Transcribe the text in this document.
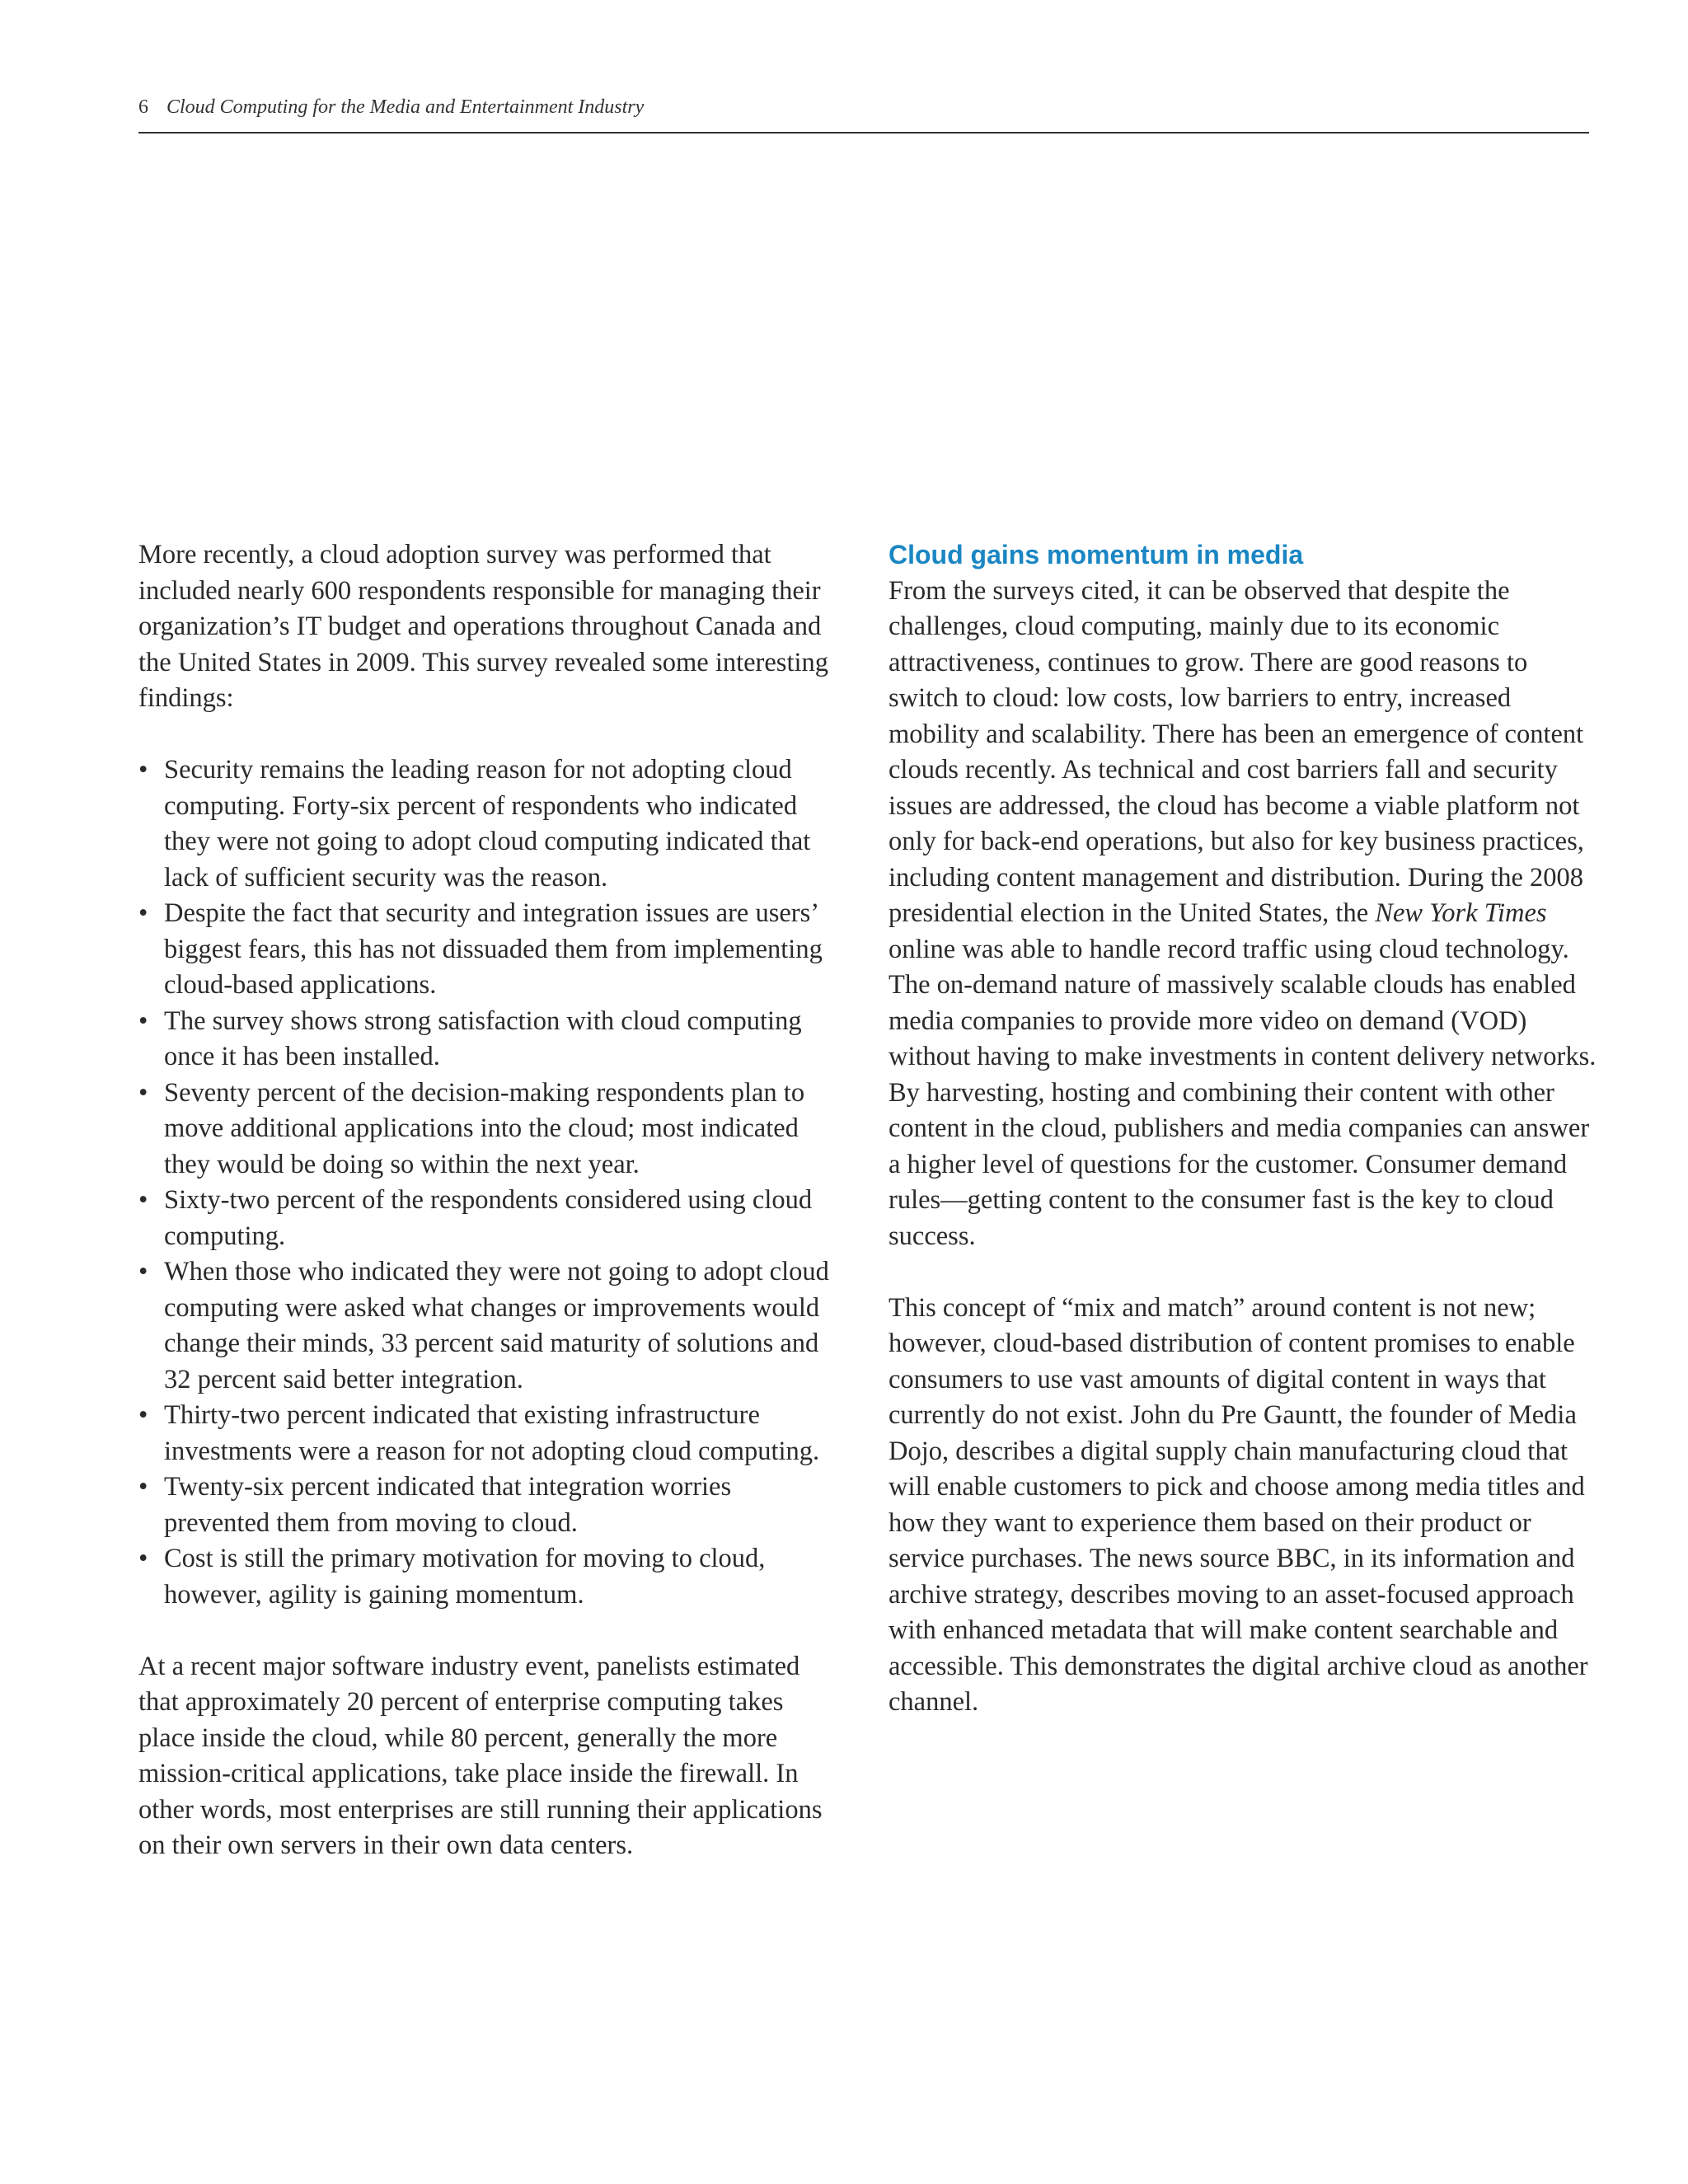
6 Cloud Computing for the Media and Entertainment Industry

More recently, a cloud adoption survey was performed that included nearly 600 respondents responsible for managing their organization’s IT budget and operations throughout Canada and the United States in 2009. This survey revealed some interesting findings:

• Security remains the leading reason for not adopting cloud computing. Forty-six percent of respondents who indicated they were not going to adopt cloud computing indicated that lack of sufficient security was the reason.
• Despite the fact that security and integration issues are users’ biggest fears, this has not dissuaded them from implementing cloud-based applications.
• The survey shows strong satisfaction with cloud computing once it has been installed.
• Seventy percent of the decision-making respondents plan to move additional applications into the cloud; most indicated they would be doing so within the next year.
• Sixty-two percent of the respondents considered using cloud computing.
• When those who indicated they were not going to adopt cloud computing were asked what changes or improvements would change their minds, 33 percent said maturity of solutions and 32 percent said better integration.
• Thirty-two percent indicated that existing infrastructure investments were a reason for not adopting cloud computing.
• Twenty-six percent indicated that integration worries prevented them from moving to cloud.
• Cost is still the primary motivation for moving to cloud, however, agility is gaining momentum.

At a recent major software industry event, panelists estimated that approximately 20 percent of enterprise computing takes place inside the cloud, while 80 percent, generally the more mission-critical applications, take place inside the firewall. In other words, most enterprises are still running their applications on their own servers in their own data centers.

Cloud gains momentum in media

From the surveys cited, it can be observed that despite the challenges, cloud computing, mainly due to its economic attractiveness, continues to grow. There are good reasons to switch to cloud: low costs, low barriers to entry, increased mobility and scalability. There has been an emergence of content clouds recently. As technical and cost barriers fall and security issues are addressed, the cloud has become a viable platform not only for back-end operations, but also for key business practices, including content management and distribution. During the 2008 presidential election in the United States, the New York Times online was able to handle record traffic using cloud technology. The on-demand nature of massively scalable clouds has enabled media companies to provide more video on demand (VOD) without having to make investments in content delivery networks. By harvesting, hosting and combining their content with other content in the cloud, publishers and media companies can answer a higher level of questions for the customer. Consumer demand rules—getting content to the consumer fast is the key to cloud success.

This concept of “mix and match” around content is not new; however, cloud-based distribution of content promises to enable consumers to use vast amounts of digital content in ways that currently do not exist. John du Pre Gauntt, the founder of Media Dojo, describes a digital supply chain manufacturing cloud that will enable customers to pick and choose among media titles and how they want to experience them based on their product or service purchases. The news source BBC, in its information and archive strategy, describes moving to an asset-focused approach with enhanced metadata that will make content searchable and accessible. This demonstrates the digital archive cloud as another channel.
